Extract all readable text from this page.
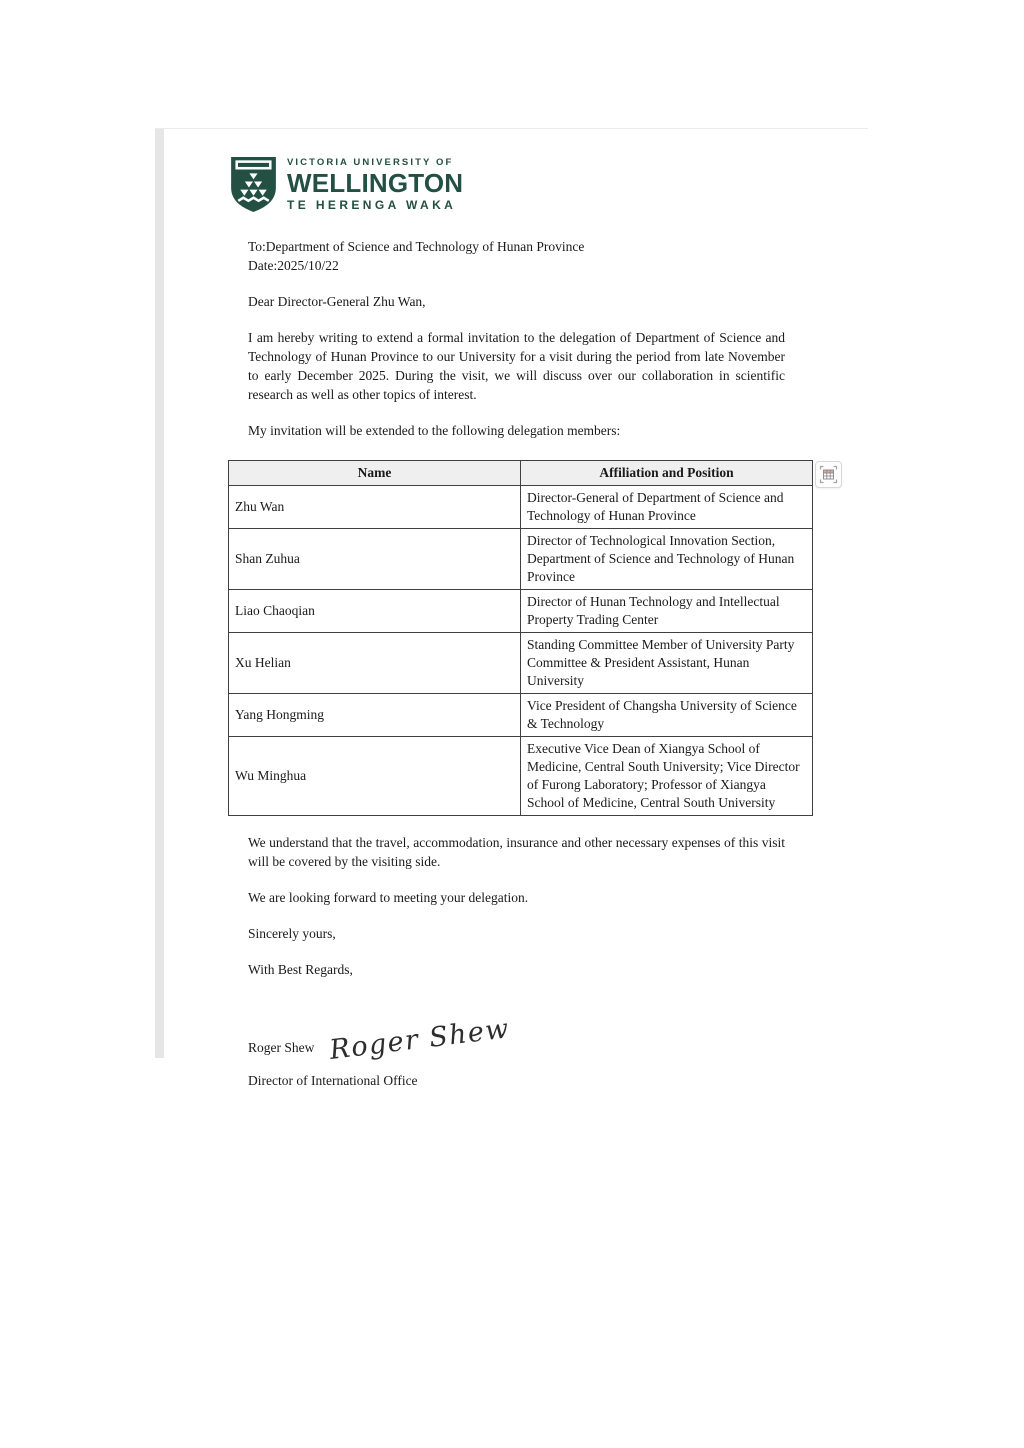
VICTORIA UNIVERSITY OF
WELLINGTON
TE HERENGA WAKA
To:Department of Science and Technology of Hunan Province
Date:2025/10/22

Dear Director-General Zhu Wan,

I am hereby writing to extend a formal invitation to the delegation of Department of Science and Technology of Hunan Province to our University for a visit during the period from late November to early December 2025. During the visit, we will discuss over our collaboration in scientific research as well as other topics of interest.

My invitation will be extended to the following delegation members:

Name	Affiliation and Position
Zhu Wan	Director-General of Department of Science and Technology of Hunan Province
Shan Zuhua	Director of Technological Innovation Section, Department of Science and Technology of Hunan Province
Liao Chaoqian	Director of Hunan Technology and Intellectual Property Trading Center
Xu Helian	Standing Committee Member of University Party Committee & President Assistant, Hunan University
Yang Hongming	Vice President of Changsha University of Science & Technology
Wu Minghua	Executive Vice Dean of Xiangya School of Medicine, Central South University; Vice Director of Furong Laboratory; Professor of Xiangya School of Medicine, Central South University

We understand that the travel, accommodation, insurance and other necessary expenses of this visit will be covered by the visiting side.

We are looking forward to meeting your delegation.

Sincerely yours,

With Best Regards,

Roger Shew Roger Shew
Director of International Office
